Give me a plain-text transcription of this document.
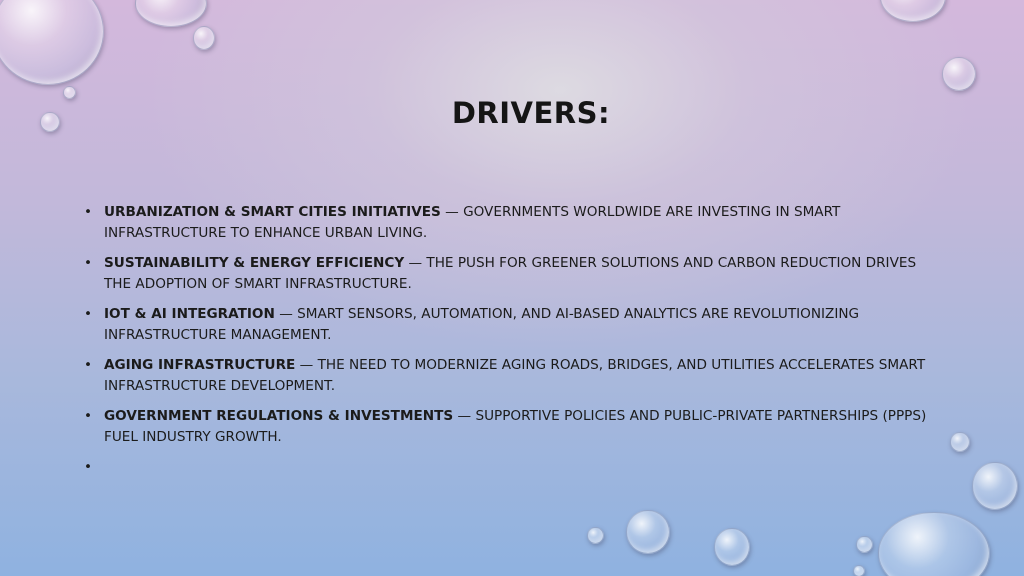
DRIVERS:
• URBANIZATION & SMART CITIES INITIATIVES — GOVERNMENTS WORLDWIDE ARE INVESTING IN SMART INFRASTRUCTURE TO ENHANCE URBAN LIVING.
• SUSTAINABILITY & ENERGY EFFICIENCY — THE PUSH FOR GREENER SOLUTIONS AND CARBON REDUCTION DRIVES THE ADOPTION OF SMART INFRASTRUCTURE.
• IOT & AI INTEGRATION — SMART SENSORS, AUTOMATION, AND AI-BASED ANALYTICS ARE REVOLUTIONIZING INFRASTRUCTURE MANAGEMENT.
• AGING INFRASTRUCTURE — THE NEED TO MODERNIZE AGING ROADS, BRIDGES, AND UTILITIES ACCELERATES SMART INFRASTRUCTURE DEVELOPMENT.
• GOVERNMENT REGULATIONS & INVESTMENTS — SUPPORTIVE POLICIES AND PUBLIC-PRIVATE PARTNERSHIPS (PPPS) FUEL INDUSTRY GROWTH.
•
